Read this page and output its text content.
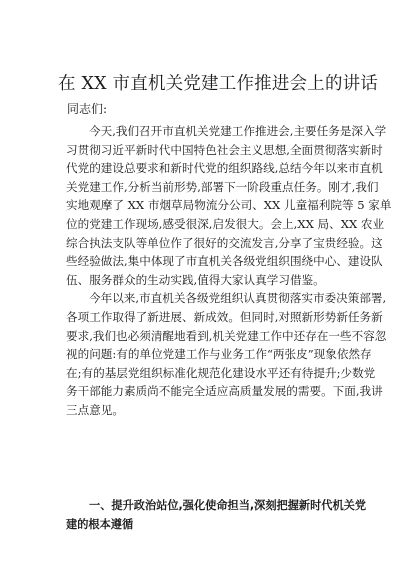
在 XX 市直机关党建工作推进会上的讲话
同志们:
今天,我们召开市直机关党建工作推进会,主要任务是深入学
习贯彻习近平新时代中国特色社会主义思想,全面贯彻落实新时
代党的建设总要求和新时代党的组织路线,总结今年以来市直机
关党建工作,分析当前形势,部署下一阶段重点任务。刚才,我们
实地观摩了 XX 市烟草局物流分公司、XX 儿童福利院等 5 家单
位的党建工作现场,感受很深,启发很大。会上,XX 局、XX 农业
综合执法支队等单位作了很好的交流发言,分享了宝贵经验。这
些经验做法,集中体现了市直机关各级党组织围绕中心、建设队
伍、服务群众的生动实践,值得大家认真学习借鉴。
今年以来,市直机关各级党组织认真贯彻落实市委决策部署,
各项工作取得了新进展、新成效。但同时,对照新形势新任务新
要求,我们也必须清醒地看到,机关党建工作中还存在一些不容忽
视的问题:有的单位党建工作与业务工作“两张皮”现象依然存
在;有的基层党组织标准化规范化建设水平还有待提升;少数党
务干部能力素质尚不能完全适应高质量发展的需要。下面,我讲
三点意见。
一、提升政治站位,强化使命担当,深刻把握新时代机关党
建的根本遵循
